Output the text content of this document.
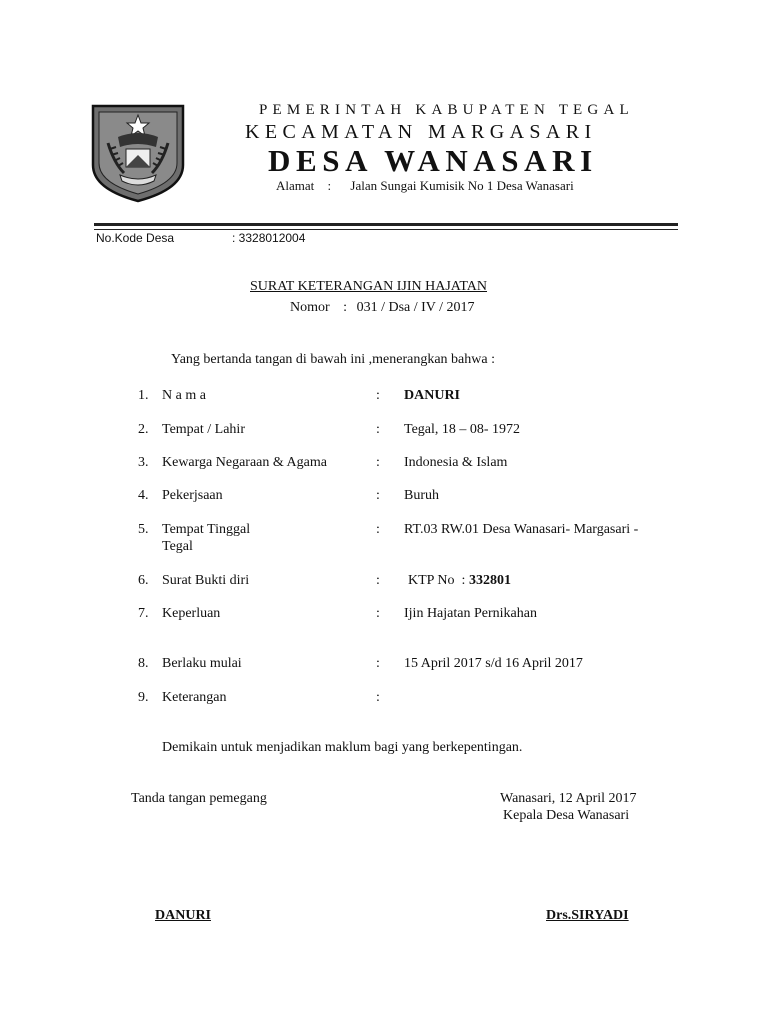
PEMERINTAH KABUPATEN TEGAL
KECAMATAN MARGASARI
DESA WANASARI
Alamat : Jalan Sungai Kumisik No 1 Desa Wanasari
No.Kode Desa	: 3328012004
SURAT KETERANGAN IJIN HAJATAN
Nomor : 031 / Dsa / IV / 2017
Yang bertanda tangan di bawah ini ,menerangkan bahwa :
1. N a m a	: DANURI
2. Tempat / Lahir	: Tegal, 18 – 08- 1972
3. Kewarga Negaraan & Agama	: Indonesia & Islam
4. Pekerjsaan	: Buruh
5. Tempat Tinggal	: RT.03 RW.01 Desa Wanasari- Margasari -
Tegal
6. Surat Bukti diri	: KTP No  : 332801
7. Keperluan	: Ijin Hajatan Pernikahan
8. Berlaku mulai	: 15 April 2017 s/d 16 April 2017
9. Keterangan	:
Demikain untuk menjadikan maklum bagi yang berkepentingan.
Tanda tangan pemegang	Wanasari, 12 April 2017
Kepala Desa Wanasari
DANURI	Drs.SIRYADI
